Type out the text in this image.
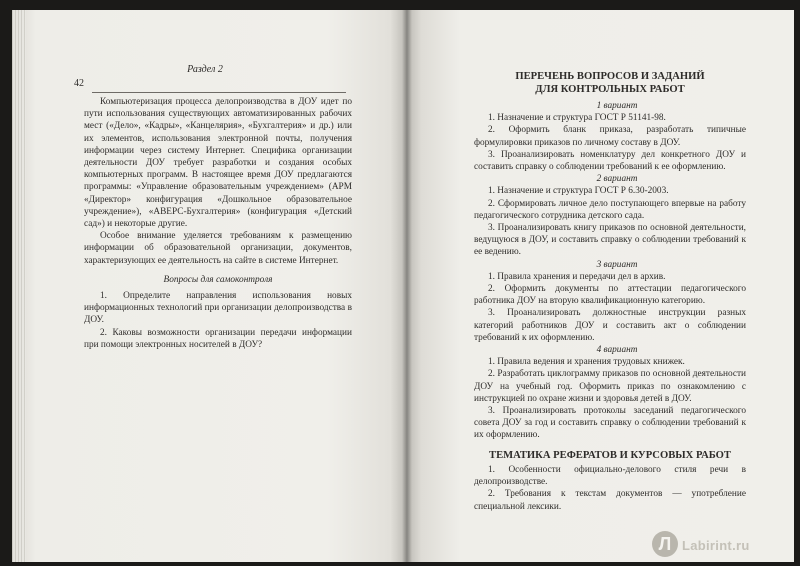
Раздел 2
42

Компьютеризация процесса делопроизводства в ДОУ идет по пути использования существующих автоматизированных рабочих мест («Дело», «Кадры», «Канцелярия», «Бухгалтерия» и др.) или их элементов, использования электронной почты, получения информации через систему Интернет. Специфика организации деятельности ДОУ требует разработки и создания особых компьютерных программ. В настоящее время ДОУ предлагаются программы: «Управление образовательным учреждением» (АРМ «Директор» конфигурация «Дошкольное образовательное учреждение»), «АВЕРС-Бухгалтерия» (конфигурация «Детский сад») и некоторые другие.

Особое внимание уделяется требованиям к размещению информации об образовательной организации, документов, характеризующих ее деятельность на сайте в системе Интернет.

Вопросы для самоконтроля

1. Определите направления использования новых информационных технологий при организации делопроизводства в ДОУ.

2. Каковы возможности организации передачи информации при помощи электронных носителей в ДОУ?

ПЕРЕЧЕНЬ ВОПРОСОВ И ЗАДАНИЙ
ДЛЯ КОНТРОЛЬНЫХ РАБОТ

1 вариант

1. Назначение и структура ГОСТ Р 51141-98.

2. Оформить бланк приказа, разработать типичные формулировки приказов по личному составу в ДОУ.

3. Проанализировать номенклатуру дел конкретного ДОУ и составить справку о соблюдении требований к ее оформлению.

2 вариант

1. Назначение и структура ГОСТ Р 6.30-2003.

2. Сформировать личное дело поступающего впервые на работу педагогического сотрудника детского сада.

3. Проанализировать книгу приказов по основной деятельности, ведущуюся в ДОУ, и составить справку о соблюдении требований к ее ведению.

3 вариант

1. Правила хранения и передачи дел в архив.

2. Оформить документы по аттестации педагогического работника ДОУ на вторую квалификационную категорию.

3. Проанализировать должностные инструкции разных категорий работников ДОУ и составить акт о соблюдении требований к их оформлению.

4 вариант

1. Правила ведения и хранения трудовых книжек.

2. Разработать циклограмму приказов по основной деятельности ДОУ на учебный год. Оформить приказ по ознакомлению с инструкцией по охране жизни и здоровья детей в ДОУ.

3. Проанализировать протоколы заседаний педагогического совета ДОУ за год и составить справку о соблюдении требований к их оформлению.

ТЕМАТИКА РЕФЕРАТОВ И КУРСОВЫХ РАБОТ

1. Особенности официально-делового стиля речи в делопроизводстве.

2. Требования к текстам документов — употребление специальной лексики.

Л Labirint.ru
